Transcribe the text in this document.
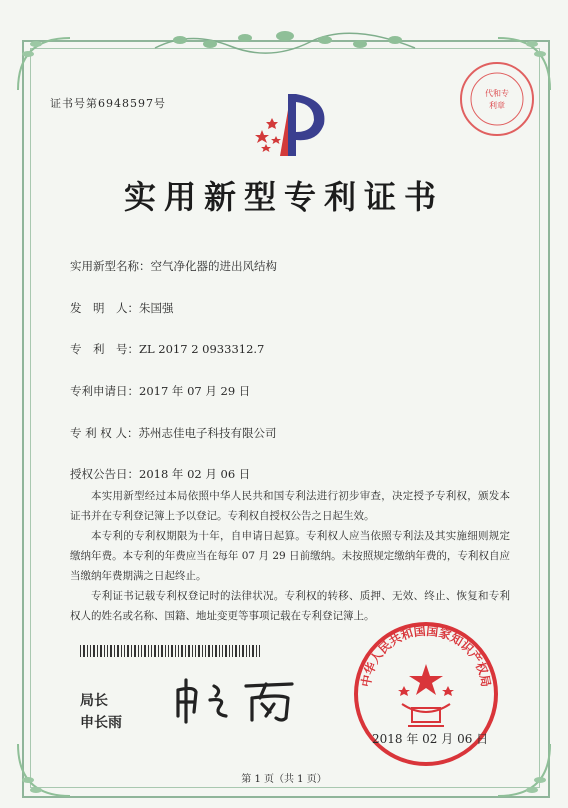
证书号第6948597号
代和专
利章
实用新型专利证书
实用新型名称：空气净化器的进出风结构
发　明　人：朱国强
专　利　号：ZL 2017 2 0933312.7
专利申请日：2017 年 07 月 29 日
专 利 权 人：苏州志佳电子科技有限公司
授权公告日：2018 年 02 月 06 日

本实用新型经过本局依照中华人民共和国专利法进行初步审查，决定授予专利权，颁发本证书并在专利登记簿上予以登记。专利权自授权公告之日起生效。

本专利的专利权期限为十年，自申请日起算。专利权人应当依照专利法及其实施细则规定缴纳年费。本专利的年费应当在每年 07 月 29 日前缴纳。未按照规定缴纳年费的，专利权自应当缴纳年费期满之日起终止。

专利证书记载专利权登记时的法律状况。专利权的转移、质押、无效、终止、恢复和专利权人的姓名或名称、国籍、地址变更等事项记载在专利登记簿上。

局长
申长雨
中华人民共和国国家知识产权局
2018 年 02 月 06 日
第 1 页（共 1 页）
